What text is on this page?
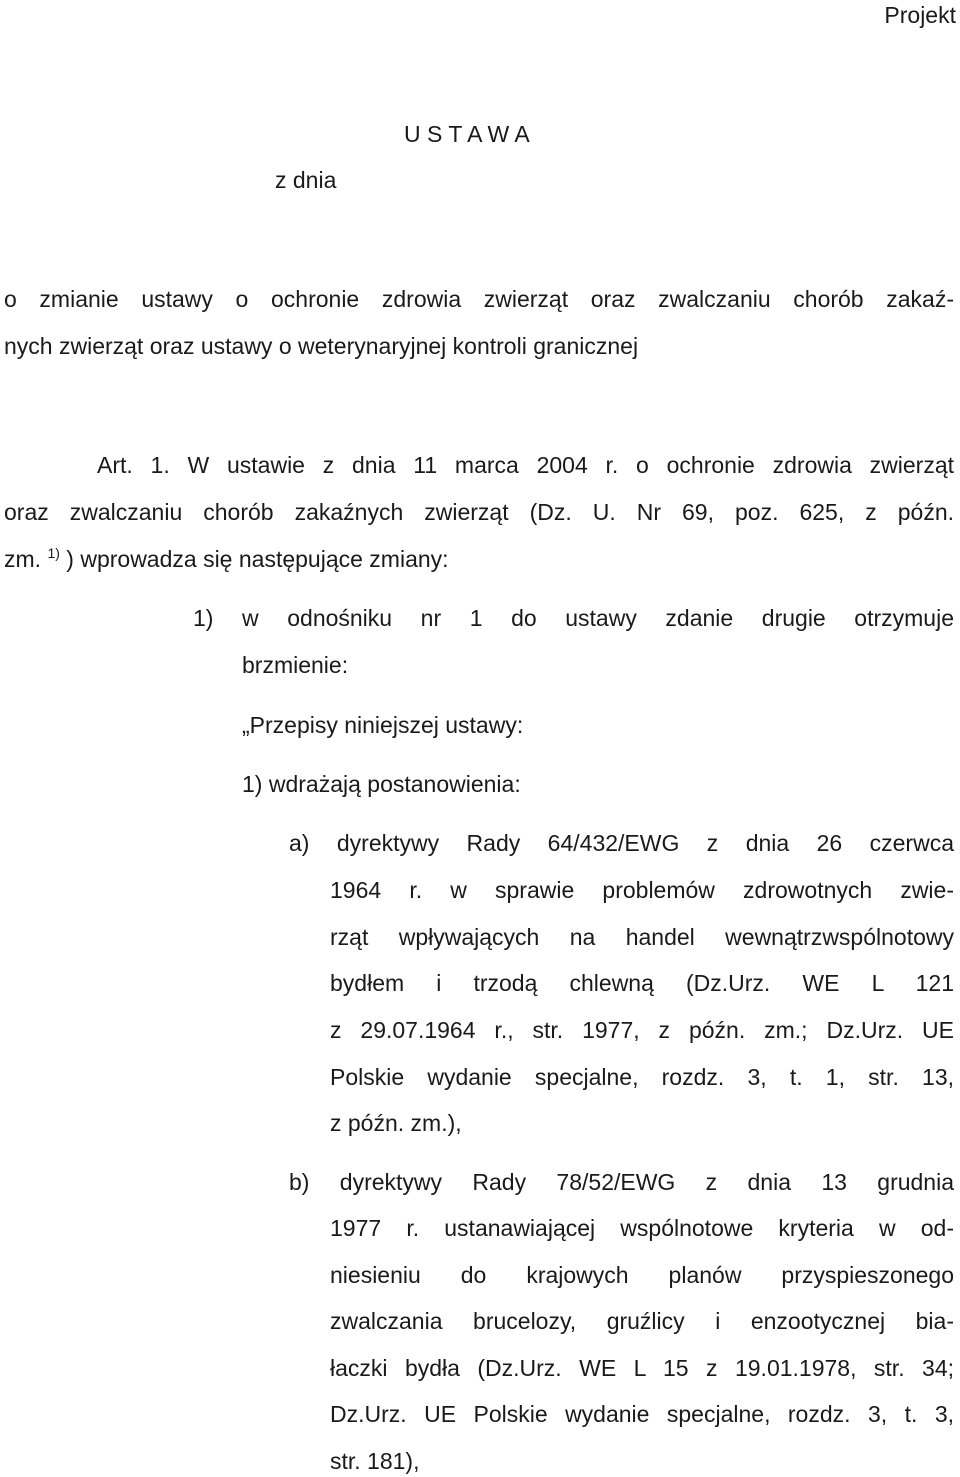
Projekt
U S T A W A
z dnia
o zmianie ustawy o ochronie zdrowia zwierząt oraz zwalczaniu chorób zakaź-
nych zwierząt oraz ustawy o weterynaryjnej kontroli granicznej
Art. 1. W ustawie z dnia 11 marca 2004 r. o ochronie zdrowia zwierząt
oraz zwalczaniu chorób zakaźnych zwierząt (Dz. U. Nr 69, poz. 625, z późn.
zm. $^{1)}$ ) wprowadza się następujące zmiany:
1) w odnośniku nr 1 do ustawy zdanie drugie otrzymuje
brzmienie:
„Przepisy niniejszej ustawy:
1) wdrażają postanowienia:
a) dyrektywy Rady 64/432/EWG z dnia 26 czerwca
1964 r. w sprawie problemów zdrowotnych zwie-
rząt wpływających na handel wewnątrzwspólnotowy
bydłem i trzodą chlewną (Dz.Urz. WE L 121
z 29.07.1964 r., str. 1977, z późn. zm.; Dz.Urz. UE
Polskie wydanie specjalne, rozdz. 3, t. 1, str. 13,
z późn. zm.),
b) dyrektywy Rady 78/52/EWG z dnia 13 grudnia
1977 r. ustanawiającej wspólnotowe kryteria w od-
niesieniu do krajowych planów przyspieszonego
zwalczania brucelozy, gruźlicy i enzootycznej bia-
łaczki bydła (Dz.Urz. WE L 15 z 19.01.1978, str. 34;
Dz.Urz. UE Polskie wydanie specjalne, rozdz. 3, t. 3,
str. 181),
